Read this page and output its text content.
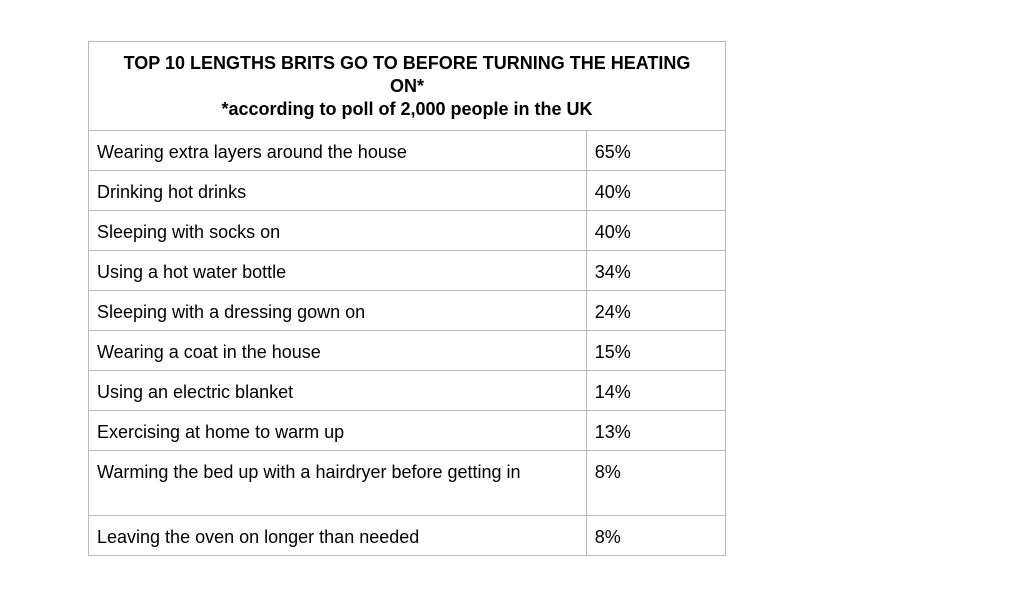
TOP 10 LENGTHS BRITS GO TO BEFORE TURNING THE HEATING ON*
*according to poll of 2,000 people in the UK	

Wearing extra layers around the house	65%
Drinking hot drinks	40%
Sleeping with socks on	40%
Using a hot water bottle	34%
Sleeping with a dressing gown on	24%
Wearing a coat in the house	15%
Using an electric blanket	14%
Exercising at home to warm up	13%
Warming the bed up with a hairdryer before getting in	8%
Leaving the oven on longer than needed	8%
